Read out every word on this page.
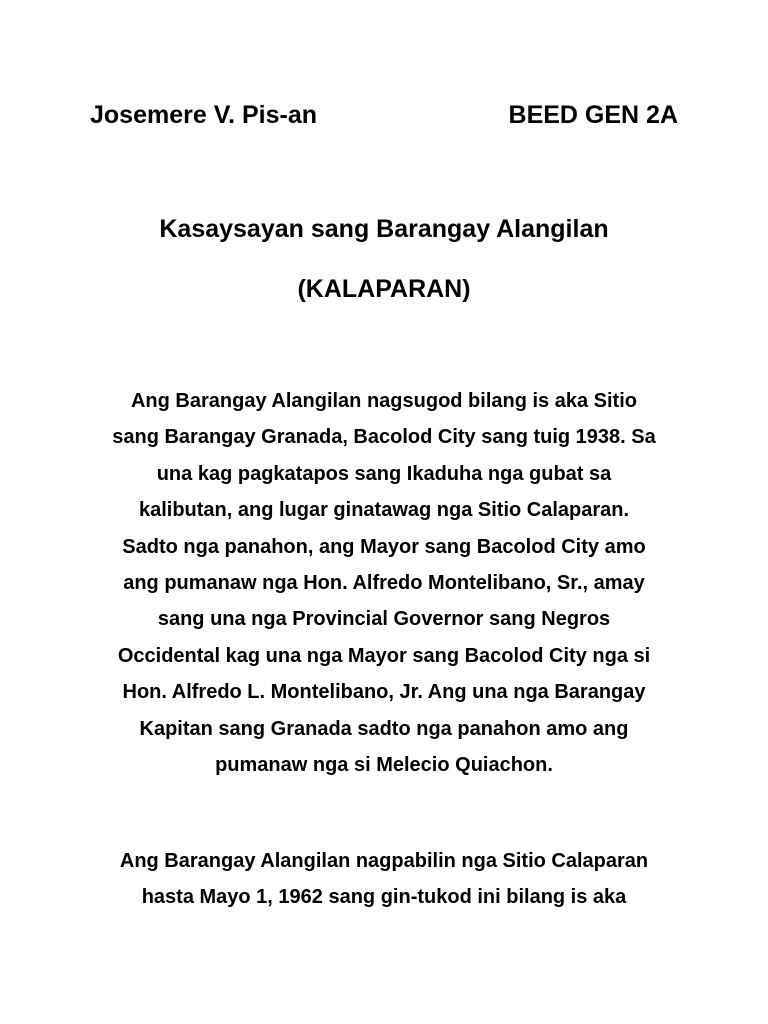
Josemere V. Pis-an	BEED GEN 2A
Kasaysayan sang Barangay Alangilan
(KALAPARAN)

Ang Barangay Alangilan nagsugod bilang is aka Sitio
sang Barangay Granada, Bacolod City sang tuig 1938. Sa
una kag pagkatapos sang Ikaduha nga gubat sa
kalibutan, ang lugar ginatawag nga Sitio Calaparan.
Sadto nga panahon, ang Mayor sang Bacolod City amo
ang pumanaw nga Hon. Alfredo Montelibano, Sr., amay
sang una nga Provincial Governor sang Negros
Occidental kag una nga Mayor sang Bacolod City nga si
Hon. Alfredo L. Montelibano, Jr. Ang una nga Barangay
Kapitan sang Granada sadto nga panahon amo ang
pumanaw nga si Melecio Quiachon.

Ang Barangay Alangilan nagpabilin nga Sitio Calaparan
hasta Mayo 1, 1962 sang gin-tukod ini bilang is aka
